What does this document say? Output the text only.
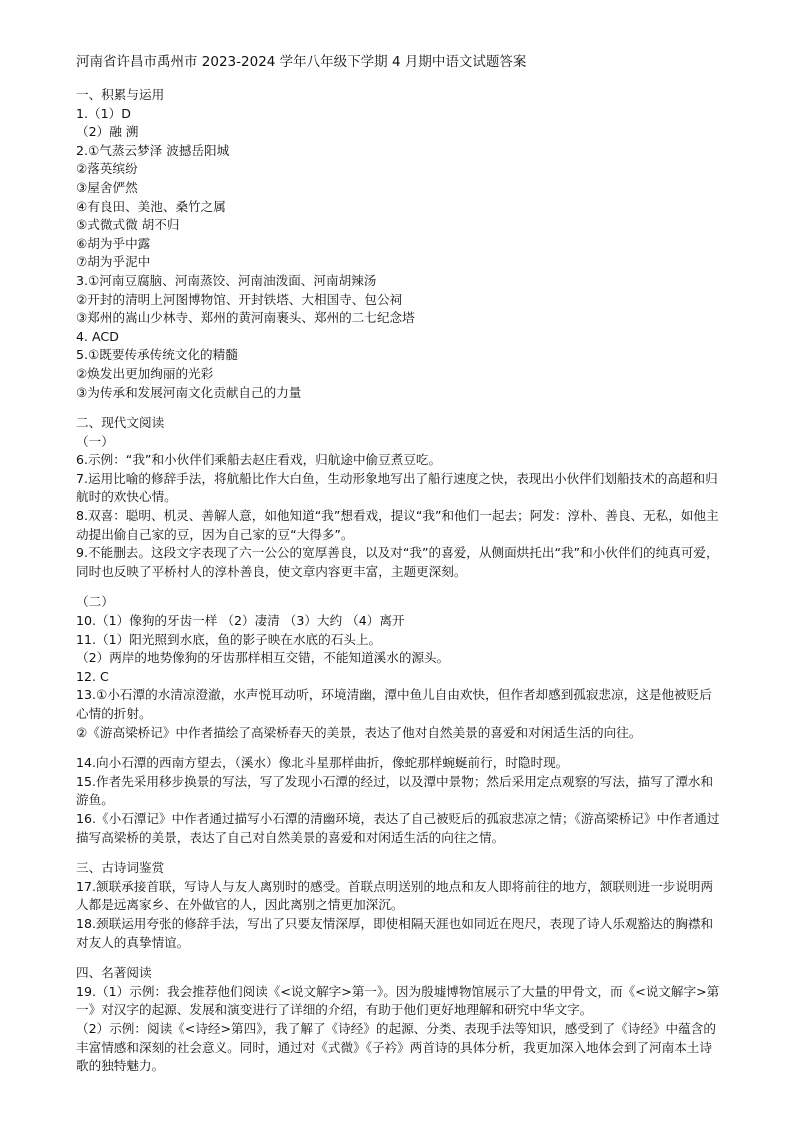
河南省许昌市禹州市 2023-2024 学年八年级下学期 4 月期中语文试题答案
一、积累与运用
1.（1）D
（2）融 溯
2.①气蒸云梦泽 波撼岳阳城
②落英缤纷
③屋舍俨然
④有良田、美池、桑竹之属
⑤式微式微 胡不归
⑥胡为乎中露
⑦胡为乎泥中
3.①河南豆腐脑、河南蒸饺、河南油泼面、河南胡辣汤
②开封的清明上河图博物馆、开封铁塔、大相国寺、包公祠
③郑州的嵩山少林寺、郑州的黄河南裹头、郑州的二七纪念塔
4. ACD
5.①既要传承传统文化的精髓
②焕发出更加绚丽的光彩
③为传承和发展河南文化贡献自己的力量
二、现代文阅读
（一）
6.示例：“我”和小伙伴们乘船去赵庄看戏，归航途中偷豆煮豆吃。
7.运用比喻的修辞手法，将航船比作大白鱼，生动形象地写出了船行速度之快，表现出小伙伴们划船技术的高超和归航时的欢快心情。
8.双喜：聪明、机灵、善解人意，如他知道“我”想看戏，提议“我”和他们一起去；阿发：淳朴、善良、无私，如他主动提出偷自己家的豆，因为自己家的豆“大得多”。
9.不能删去。这段文字表现了六一公公的宽厚善良，以及对“我”的喜爱，从侧面烘托出“我”和小伙伴们的纯真可爱，同时也反映了平桥村人的淳朴善良，使文章内容更丰富，主题更深刻。
（二）
10.（1）像狗的牙齿一样 （2）凄清 （3）大约 （4）离开
11.（1）阳光照到水底，鱼的影子映在水底的石头上。
（2）两岸的地势像狗的牙齿那样相互交错，不能知道溪水的源头。
12. C
13.①小石潭的水清凉澄澈，水声悦耳动听，环境清幽，潭中鱼儿自由欢快，但作者却感到孤寂悲凉，这是他被贬后心情的折射。
②《游高梁桥记》中作者描绘了高梁桥春天的美景，表达了他对自然美景的喜爱和对闲适生活的向往。
14.向小石潭的西南方望去，（溪水）像北斗星那样曲折，像蛇那样蜿蜒前行，时隐时现。
15.作者先采用移步换景的写法，写了发现小石潭的经过，以及潭中景物；然后采用定点观察的写法，描写了潭水和游鱼。
16.《小石潭记》中作者通过描写小石潭的清幽环境，表达了自己被贬后的孤寂悲凉之情；《游高梁桥记》中作者通过描写高梁桥的美景，表达了自己对自然美景的喜爱和对闲适生活的向往之情。
三、古诗词鉴赏
17.颔联承接首联，写诗人与友人离别时的感受。首联点明送别的地点和友人即将前往的地方，颔联则进一步说明两人都是远离家乡、在外做官的人，因此离别之情更加深沉。
18.颈联运用夸张的修辞手法，写出了只要友情深厚，即使相隔天涯也如同近在咫尺，表现了诗人乐观豁达的胸襟和对友人的真挚情谊。
四、名著阅读
19.（1）示例：我会推荐他们阅读《<说文解字>第一》。因为殷墟博物馆展示了大量的甲骨文，而《<说文解字>第一》对汉字的起源、发展和演变进行了详细的介绍，有助于他们更好地理解和研究中华文字。
（2）示例：阅读《<诗经>第四》，我了解了《诗经》的起源、分类、表现手法等知识，感受到了《诗经》中蕴含的丰富情感和深刻的社会意义。同时，通过对《式微》《子衿》两首诗的具体分析，我更加深入地体会到了河南本土诗歌的独特魅力。
